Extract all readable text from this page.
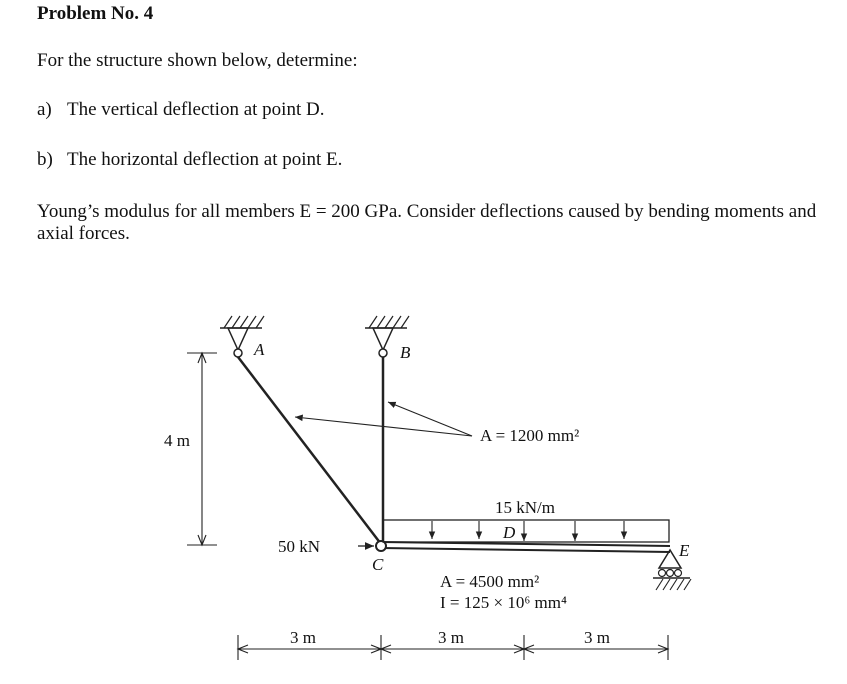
Problem No. 4
For the structure shown below, determine:
a) The vertical deflection at point D.
b) The horizontal deflection at point E.
Young’s modulus for all members E = 200 GPa. Consider deflections caused by bending moments and axial forces.
A	B
C
15 kN/m
D
E
50 kN
A = 1200 mm²
A = 4500 mm²
I = 125 × 10⁶ mm⁴
4 m
3 m	3 m	3 m
